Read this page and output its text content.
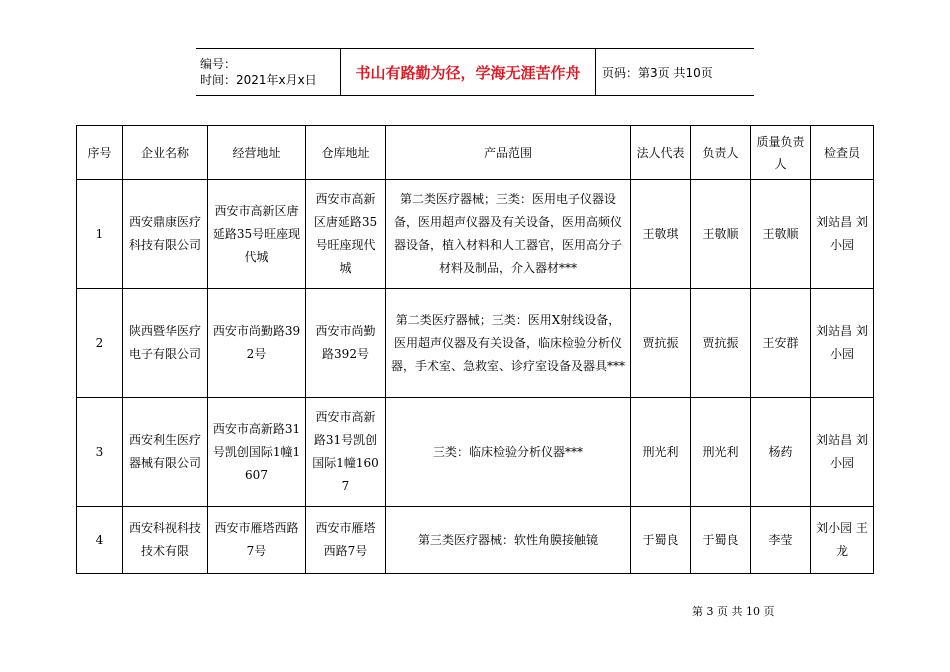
编号：
时间：2021年x月x日	书山有路勤为径，学海无涯苦作舟 页码：第3页 共10页
序号	企业名称	经营地址	仓库地址	产品范围	法人代表	负责人	质量负责人	检查员
1	西安鼎康医疗科技有限公司	西安市高新区唐延路35号旺座现代城	西安市高新区唐延路35号旺座现代城	第二类医疗器械；三类：医用电子仪器设备，医用超声仪器及有关设备，医用高频仪器设备，植入材料和人工器官，医用高分子材料及制品，介入器材***	王敬琪	王敬顺	王敬顺	刘站昌 刘小园
2	陕西暨华医疗电子有限公司	西安市尚勤路392号	西安市尚勤路392号	第二类医疗器械；三类：医用X射线设备，医用超声仪器及有关设备，临床检验分析仪器，手术室、急救室、诊疗室设备及器具***	贾抗振	贾抗振	王安群	刘站昌 刘小园
3	西安利生医疗器械有限公司	西安市高新路31号凯创国际1幢1607	西安市高新路31号凯创国际1幢1607	三类：临床检验分析仪器***	刑光利	刑光利	杨药	刘站昌 刘小园
4	西安科视科技技术有限	西安市雁塔西路7号	西安市雁塔西路7号	第三类医疗器械：软性角膜接触镜	于蜀良	于蜀良	李莹	刘小园 王龙
第 3 页 共 10 页
